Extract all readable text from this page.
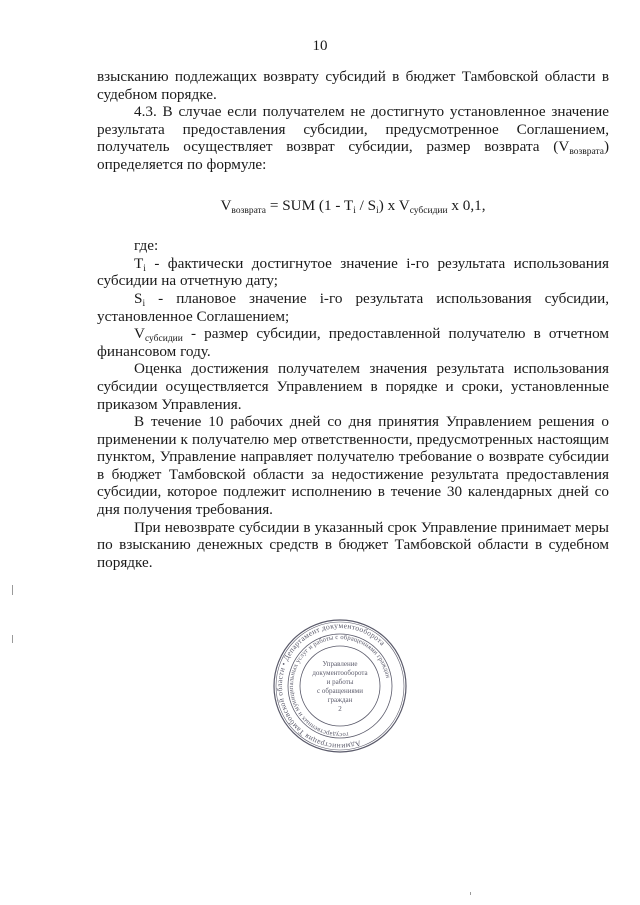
10

взысканию подлежащих возврату субсидий в бюджет Тамбовской области в судебном порядке.

4.3. В случае если получателем не достигнуто установленное значение результата предоставления субсидии, предусмотренное Соглашением, получатель осуществляет возврат субсидии, размер возврата $(V_{возврата})$ определяется по формуле:

$V_{возврата}$ = SUM $(1 - T_i / S_i)$ x $V_{субсидии}$ x 0,1,

где:

$T_i$ - фактически достигнутое значение i-го результата использования субсидии на отчетную дату;

$S_i$ - плановое значение i-го результата использования субсидии, установленное Соглашением;

$V_{субсидии}$ - размер субсидии, предоставленной получателю в отчетном финансовом году.

Оценка достижения получателем значения результата использования субсидии осуществляется Управлением в порядке и сроки, установленные приказом Управления.

В течение 10 рабочих дней со дня принятия Управлением решения о применении к получателю мер ответственности, предусмотренных настоящим пунктом, Управление направляет получателю требование о возврате субсидии в бюджет Тамбовской области за недостижение результата предоставления субсидии, которое подлежит исполнению в течение 30 календарных дней со дня получения требования.

При невозврате субсидии в указанный срок Управление принимает меры по взысканию денежных средств в бюджет Тамбовской области в судебном порядке.

Администрация Тамбовской области • Департамент документооборота
государственных и муниципальных услуг и работы с обращениями граждан
Управление
документооборота
и работы
с обращениями
граждан
2
